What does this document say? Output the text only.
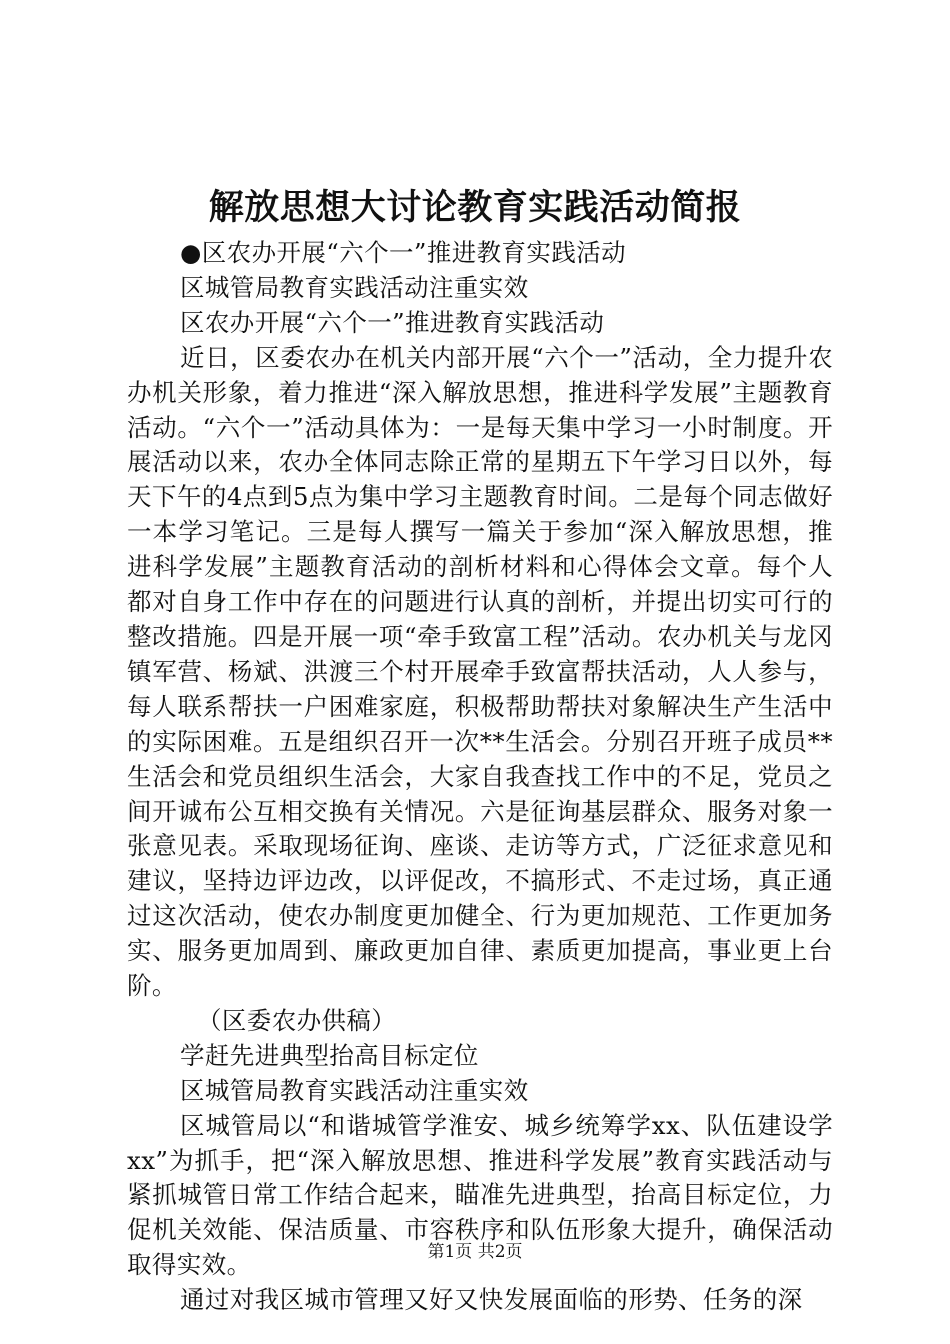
解放思想大讨论教育实践活动简报

●区农办开展“六个一”推进教育实践活动

区城管局教育实践活动注重实效

区农办开展“六个一”推进教育实践活动

近日，区委农办在机关内部开展“六个一”活动，全力提升农办机关形象，着力推进“深入解放思想，推进科学发展”主题教育活动。“六个一”活动具体为：一是每天集中学习一小时制度。开展活动以来，农办全体同志除正常的星期五下午学习日以外，每天下午的4点到5点为集中学习主题教育时间。二是每个同志做好一本学习笔记。三是每人撰写一篇关于参加“深入解放思想，推进科学发展”主题教育活动的剖析材料和心得体会文章。每个人都对自身工作中存在的问题进行认真的剖析，并提出切实可行的整改措施。四是开展一项“牵手致富工程”活动。农办机关与龙冈镇军营、杨斌、洪渡三个村开展牵手致富帮扶活动，人人参与，每人联系帮扶一户困难家庭，积极帮助帮扶对象解决生产生活中的实际困难。五是组织召开一次**生活会。分别召开班子成员**生活会和党员组织生活会，大家自我查找工作中的不足，党员之间开诚布公互相交换有关情况。六是征询基层群众、服务对象一张意见表。采取现场征询、座谈、走访等方式，广泛征求意见和建议，坚持边评边改，以评促改，不搞形式、不走过场，真正通过这次活动，使农办制度更加健全、行为更加规范、工作更加务实、服务更加周到、廉政更加自律、素质更加提高，事业更上台阶。

（区委农办供稿）

学赶先进典型抬高目标定位

区城管局教育实践活动注重实效

区城管局以“和谐城管学淮安、城乡统筹学xx、队伍建设学xx”为抓手，把“深入解放思想、推进科学发展”教育实践活动与紧抓城管日常工作结合起来，瞄准先进典型，抬高目标定位，力促机关效能、保洁质量、市容秩序和队伍形象大提升，确保活动取得实效。

通过对我区城市管理又好又快发展面临的形势、任务的深

第1页 共2页
